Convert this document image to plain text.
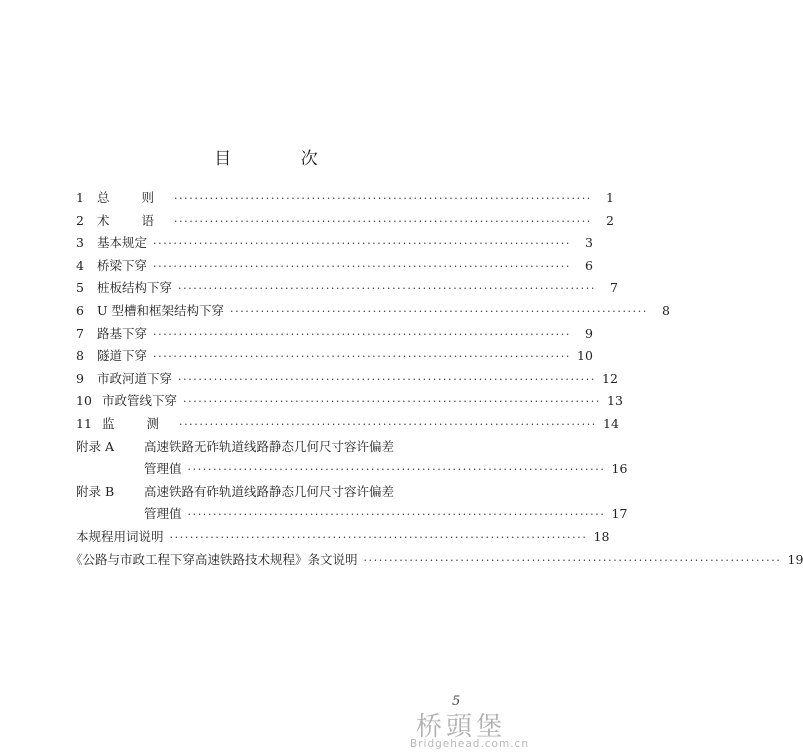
目 次
1	总 则 ··················································································	1
2	术 语 ··················································································	2
3	基本规定 ··················································································	3
4	桥梁下穿 ··················································································	6
5	桩板结构下穿 ··················································································	7
6	U 型槽和框架结构下穿 ··················································································	8
7	路基下穿 ··················································································	9
8	隧道下穿 ·················································································· 10
9	市政河道下穿 ·················································································· 12
10 市政管线下穿 ·················································································· 13
11 监 测 ·················································································· 14
附录 A	高速铁路无砟轨道线路静态几何尺寸容许偏差
管理值 ·················································································· 16
附录 B	高速铁路有砟轨道线路静态几何尺寸容许偏差
管理值 ·················································································· 17
本规程用词说明 ·················································································· 18
《公路与市政工程下穿高速铁路技术规程》条文说明 ·················································································· 19
5
桥頭堡
Bridgehead.com.cn
